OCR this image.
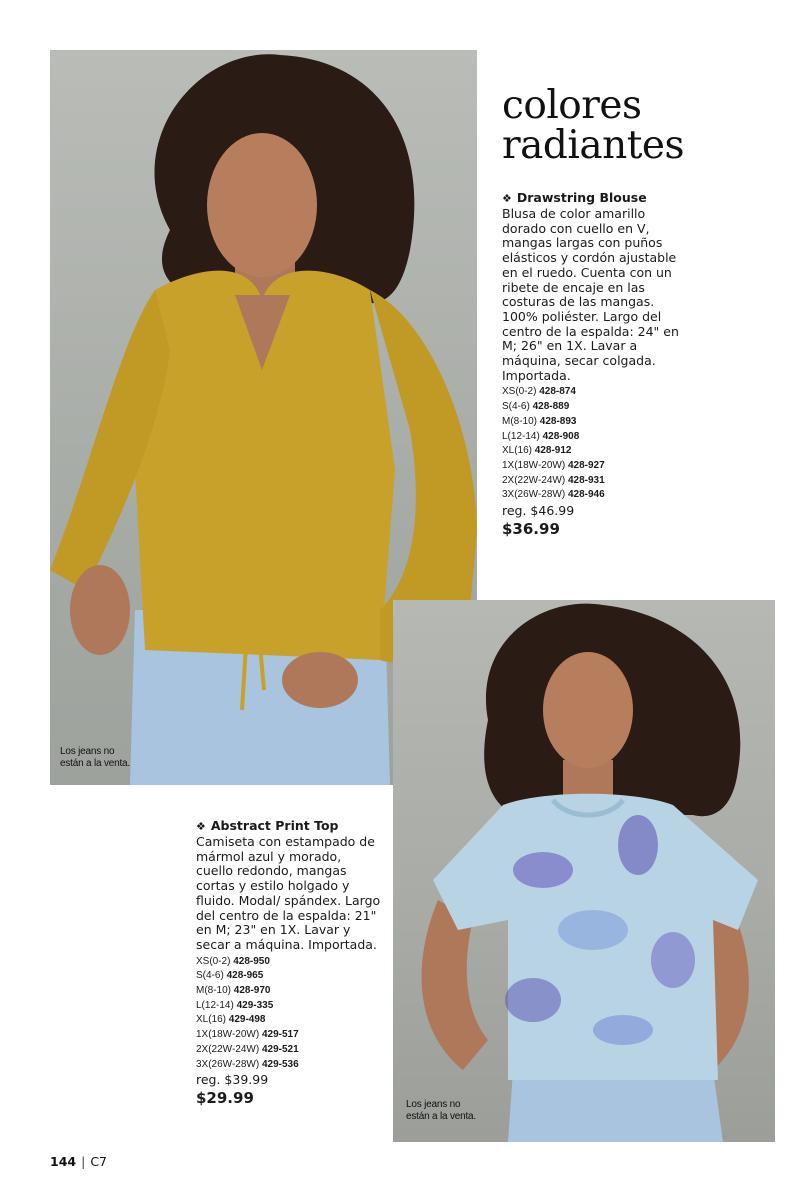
Los jeans no
están a la venta.
colores
radiantes
❖ Drawstring Blouse
Blusa de color amarillo dorado con cuello en V, mangas largas con puños elásticos y cordón ajustable en el ruedo. Cuenta con un ribete de encaje en las costuras de las mangas. 100% poliéster. Largo del centro de la espalda: 24" en M; 26" en 1X. Lavar a máquina, secar colgada. Importada.
XS(0-2) 428-874
S(4-6) 428-889
M(8-10) 428-893
L(12-14) 428-908
XL(16) 428-912
1X(18W-20W) 428-927
2X(22W-24W) 428-931
3X(26W-28W) 428-946
reg. $46.99
$36.99
Los jeans no
están a la venta.
❖ Abstract Print Top
Camiseta con estampado de mármol azul y morado, cuello redondo, mangas cortas y estilo holgado y fluido. Modal/ spándex. Largo del centro de la espalda: 21" en M; 23" en 1X. Lavar y secar a máquina. Importada.
XS(0-2) 428-950
S(4-6) 428-965
M(8-10) 428-970
L(12-14) 429-335
XL(16) 429-498
1X(18W-20W) 429-517
2X(22W-24W) 429-521
3X(26W-28W) 429-536
reg. $39.99
$29.99
144 | C7
